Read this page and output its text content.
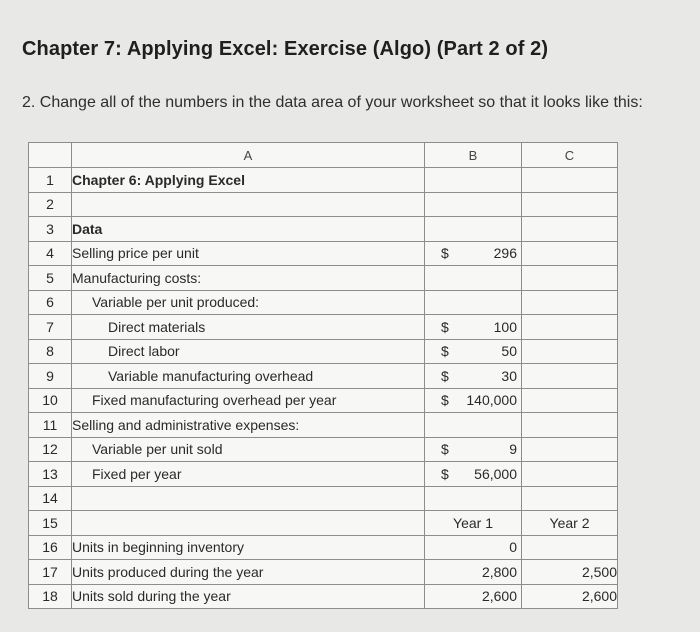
Chapter 7: Applying Excel: Exercise (Algo) (Part 2 of 2)
2. Change all of the numbers in the data area of your worksheet so that it looks like this:
	A	B	C
1	Chapter 6: Applying Excel		
2			
3	Data		
4	Selling price per unit	$ 296	

5	Manufacturing costs:		
6	Variable per unit produced:		
7	Direct materials	$ 100	

8	Direct labor	$ 50	

9	Variable manufacturing overhead	$ 30	

10	Fixed manufacturing overhead per year	$ 140,000	

11	Selling and administrative expenses:		
12	Variable per unit sold	$ 9	

13	Fixed per year	$ 56,000	

14			
15		Year 1	Year 2
16	Units in beginning inventory	0	

17	Units produced during the year	2,800	2,500
18	Units sold during the year	2,600	2,600
